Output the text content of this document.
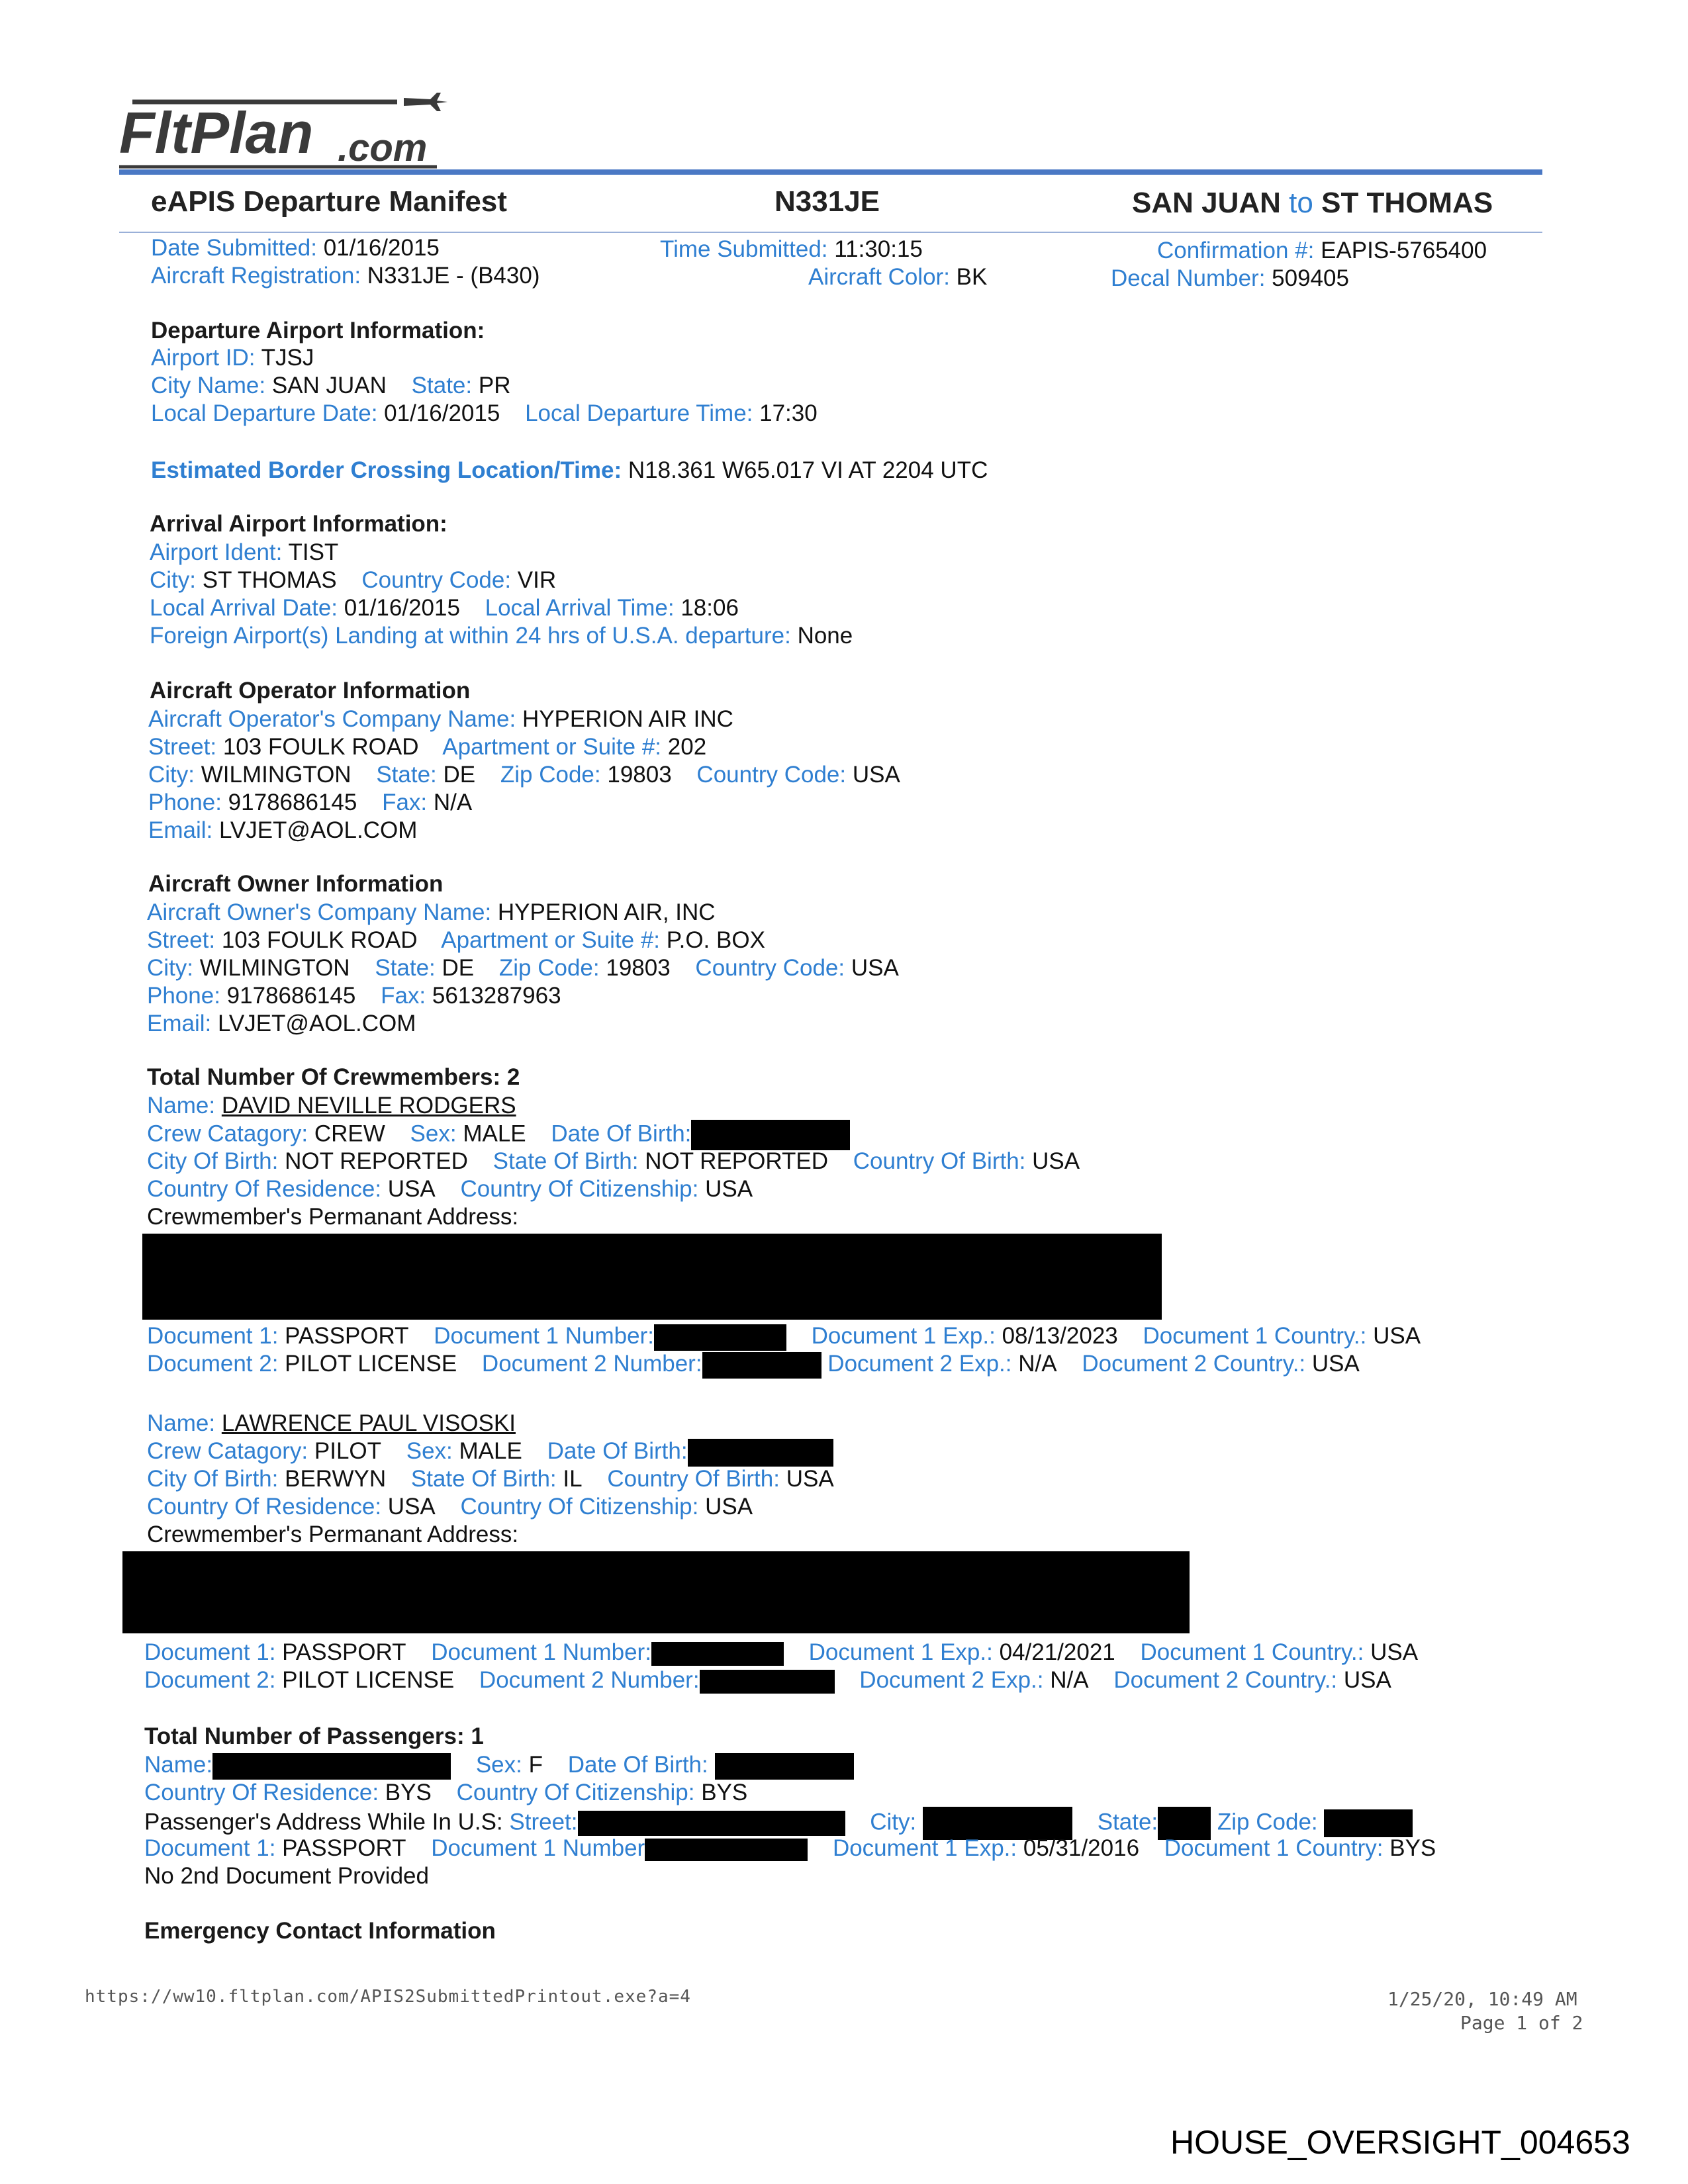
FltPlan .com
eAPIS Departure Manifest	N331JE	SAN JUAN to ST THOMAS
Date Submitted: 01/16/2015	Time Submitted: 11:30:15	Confirmation #: EAPIS-5765400
Aircraft Registration: N331JE - (B430)	Aircraft Color: BK	Decal Number: 509405
Departure Airport Information:
Airport ID: TJSJ
City Name: SAN JUAN State: PR
Local Departure Date: 01/16/2015 Local Departure Time: 17:30
Estimated Border Crossing Location/Time: N18.361 W65.017 VI AT 2204 UTC
Arrival Airport Information:
Airport Ident: TIST
City: ST THOMAS Country Code: VIR
Local Arrival Date: 01/16/2015 Local Arrival Time: 18:06
Foreign Airport(s) Landing at within 24 hrs of U.S.A. departure: None
Aircraft Operator Information
Aircraft Operator's Company Name: HYPERION AIR INC
Street: 103 FOULK ROAD Apartment or Suite #: 202
City: WILMINGTON State: DE Zip Code: 19803 Country Code: USA
Phone: 9178686145 Fax: N/A
Email: LVJET@AOL.COM
Aircraft Owner Information
Aircraft Owner's Company Name: HYPERION AIR, INC
Street: 103 FOULK ROAD Apartment or Suite #: P.O. BOX
City: WILMINGTON State: DE Zip Code: 19803 Country Code: USA
Phone: 9178686145 Fax: 5613287963
Email: LVJET@AOL.COM
Total Number Of Crewmembers: 2
Name: DAVID NEVILLE RODGERS
Crew Catagory: CREW Sex: MALE Date Of Birth:
City Of Birth: NOT REPORTED State Of Birth: NOT REPORTED Country Of Birth: USA
Country Of Residence: USA Country Of Citizenship: USA
Crewmember's Permanant Address:
Document 1: PASSPORT Document 1 Number:	Document 1 Exp.: 08/13/2023 Document 1 Country.: USA
Document 2: PILOT LICENSE Document 2 Number:	Document 2 Exp.: N/A Document 2 Country.: USA
Name: LAWRENCE PAUL VISOSKI
Crew Catagory: PILOT Sex: MALE Date Of Birth:
City Of Birth: BERWYN State Of Birth: IL Country Of Birth: USA
Country Of Residence: USA Country Of Citizenship: USA
Crewmember's Permanant Address:
Document 1: PASSPORT Document 1 Number:	Document 1 Exp.: 04/21/2021 Document 1 Country.: USA
Document 2: PILOT LICENSE Document 2 Number:	Document 2 Exp.: N/A Document 2 Country.: USA
Total Number of Passengers: 1
Name:	Sex: F Date Of Birth:
Country Of Residence: BYS Country Of Citizenship: BYS
Passenger's Address While In U.S: Street:	City:	State:	Zip Code:
Document 1: PASSPORT Document 1 Number	Document 1 Exp.: 05/31/2016 Document 1 Country: BYS
No 2nd Document Provided
Emergency Contact Information
https://ww10.fltplan.com/APIS2SubmittedPrintout.exe?a=4	1/25/20, 10:49 AM
Page 1 of 2
HOUSE_OVERSIGHT_004653
